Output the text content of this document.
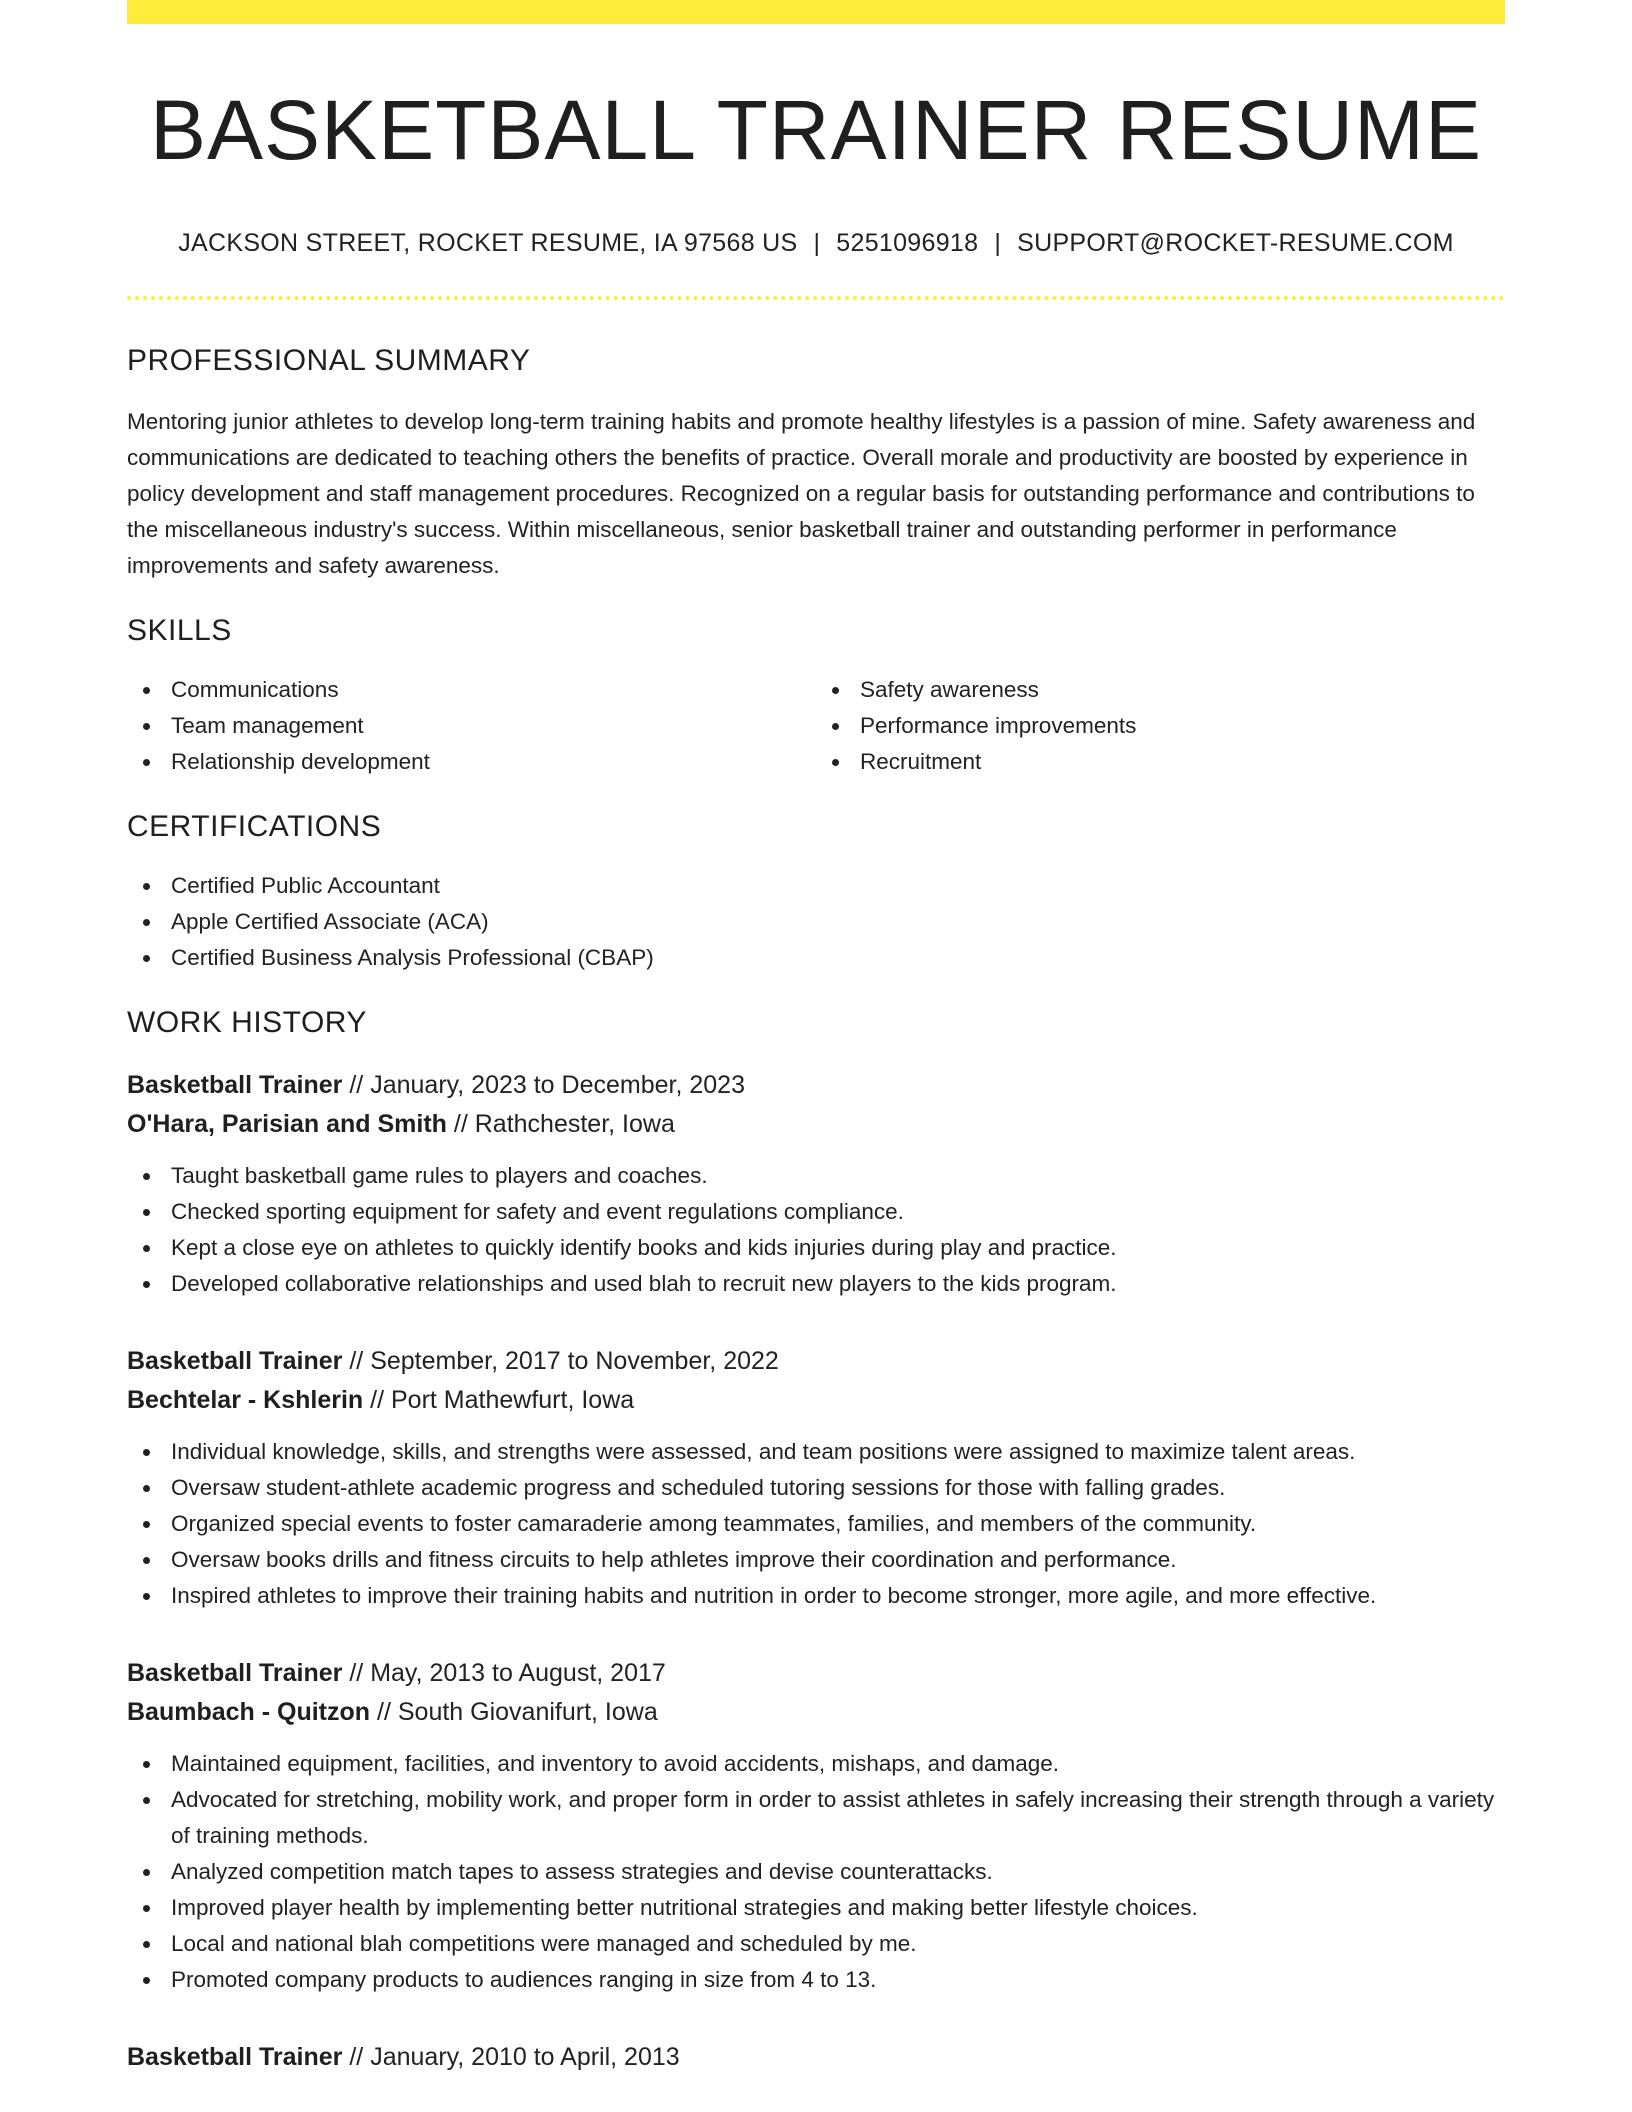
BASKETBALL TRAINER RESUME
JACKSON STREET, ROCKET RESUME, IA 97568 US | 5251096918 | SUPPORT@ROCKET-RESUME.COM
PROFESSIONAL SUMMARY

Mentoring junior athletes to develop long-term training habits and promote healthy lifestyles is a passion of mine. Safety awareness and communications are dedicated to teaching others the benefits of practice. Overall morale and productivity are boosted by experience in policy development and staff management procedures. Recognized on a regular basis for outstanding performance and contributions to the miscellaneous industry's success. Within miscellaneous, senior basketball trainer and outstanding performer in performance improvements and safety awareness.

SKILLS
Communications
Team management
Relationship development
Safety awareness
Performance improvements
Recruitment
CERTIFICATIONS
Certified Public Accountant
Apple Certified Associate (ACA)
Certified Business Analysis Professional (CBAP)
WORK HISTORY
Basketball Trainer // January, 2023 to December, 2023
O'Hara, Parisian and Smith // Rathchester, Iowa
Taught basketball game rules to players and coaches.
Checked sporting equipment for safety and event regulations compliance.
Kept a close eye on athletes to quickly identify books and kids injuries during play and practice.
Developed collaborative relationships and used blah to recruit new players to the kids program.
Basketball Trainer // September, 2017 to November, 2022
Bechtelar - Kshlerin // Port Mathewfurt, Iowa
Individual knowledge, skills, and strengths were assessed, and team positions were assigned to maximize talent areas.
Oversaw student-athlete academic progress and scheduled tutoring sessions for those with falling grades.
Organized special events to foster camaraderie among teammates, families, and members of the community.
Oversaw books drills and fitness circuits to help athletes improve their coordination and performance.
Inspired athletes to improve their training habits and nutrition in order to become stronger, more agile, and more effective.
Basketball Trainer // May, 2013 to August, 2017
Baumbach - Quitzon // South Giovanifurt, Iowa
Maintained equipment, facilities, and inventory to avoid accidents, mishaps, and damage.
Advocated for stretching, mobility work, and proper form in order to assist athletes in safely increasing their strength through a variety of training methods.
Analyzed competition match tapes to assess strategies and devise counterattacks.
Improved player health by implementing better nutritional strategies and making better lifestyle choices.
Local and national blah competitions were managed and scheduled by me.
Promoted company products to audiences ranging in size from 4 to 13.
Basketball Trainer // January, 2010 to April, 2013
